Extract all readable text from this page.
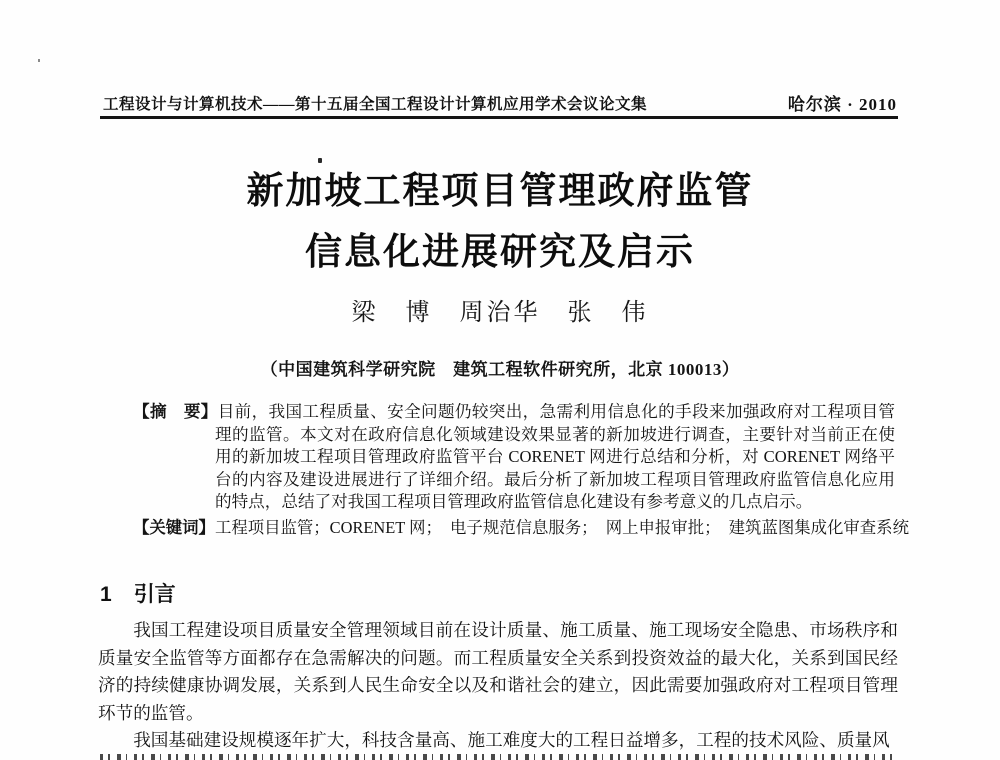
工程设计与计算机技术——第十五届全国工程设计计算机应用学术会议论文集	哈尔滨 · 2010
新加坡工程项目管理政府监管
信息化进展研究及启示
梁　博　周治华　张　伟
（中国建筑科学研究院　建筑工程软件研究所，北京 100013）
【摘　要】目前，我国工程质量、安全问题仍较突出，急需利用信息化的手段来加强政府对工程项目管理的监管。本文对在政府信息化领域建设效果显著的新加坡进行调查，主要针对当前正在使用的新加坡工程项目管理政府监管平台 CORENET 网进行总结和分析，对 CORENET 网络平台的内容及建设进展进行了详细介绍。最后分析了新加坡工程项目管理政府监管信息化应用的特点，总结了对我国工程项目管理政府监管信息化建设有参考意义的几点启示。
【关键词】工程项目监管；CORENET 网；　电子规范信息服务；　网上申报审批；　建筑蓝图集成化审查系统
1 引言

我国工程建设项目质量安全管理领域目前在设计质量、施工质量、施工现场安全隐患、市场秩序和质量安全监管等方面都存在急需解决的问题。而工程质量安全关系到投资效益的最大化，关系到国民经济的持续健康协调发展，关系到人民生命安全以及和谐社会的建立，因此需要加强政府对工程项目管理环节的监管。

我国基础建设规模逐年扩大，科技含量高、施工难度大的工程日益增多，工程的技术风险、质量风
